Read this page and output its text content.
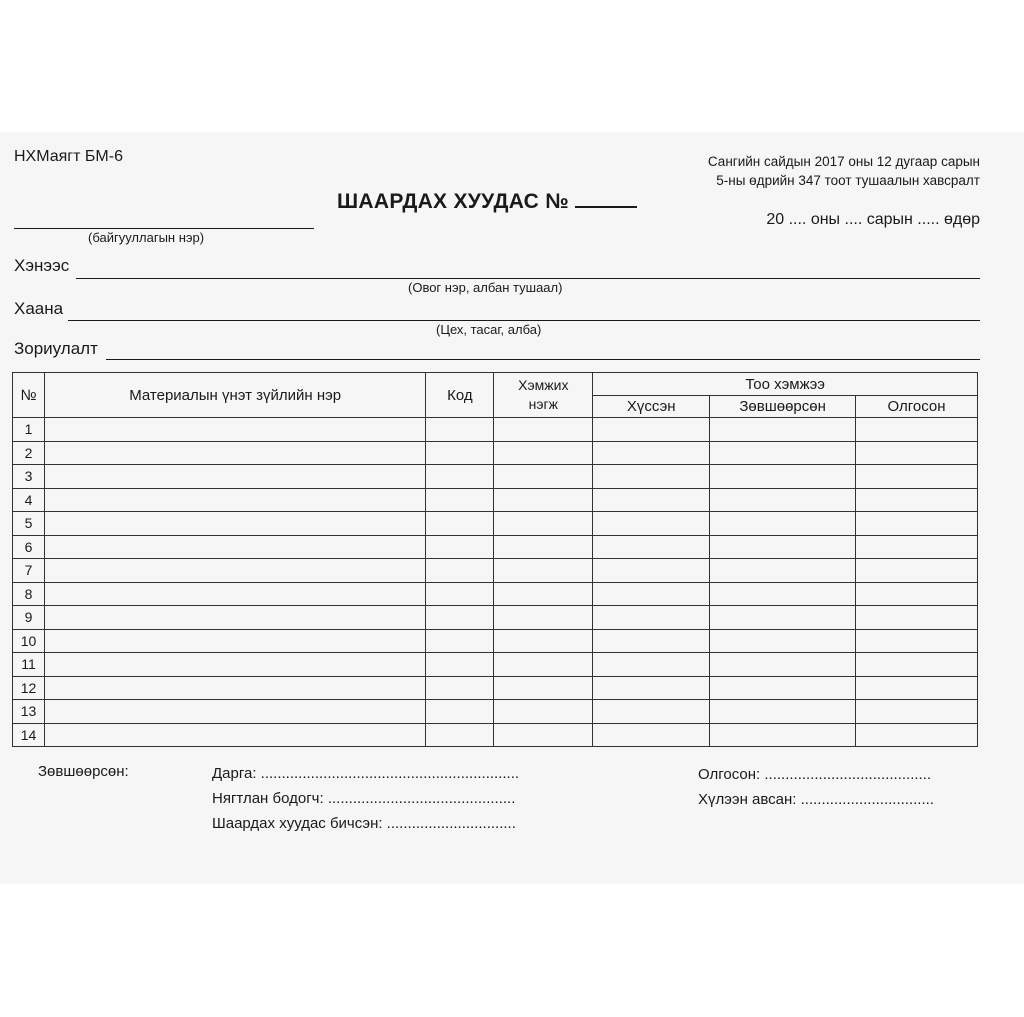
НХМаягт БМ-6	Сангийн сайдын 2017 оны 12 дугаар сарын
5-ны өдрийн 347 тоот тушаалын хавсралт
ШААРДАХ ХУУДАС №
20 .... оны .... сарын ..... өдөр
(байгууллагын нэр)
Хэнээс
(Овог нэр, албан тушаал)
Хаана
(Цех, тасаг, алба)
Зориулалт
№	Материалын үнэт зүйлийн нэр	Код	Хэмжих нэгж	Тоо хэмжээ		
				Хүссэн	Зөвшөөрсөн	Олгосон
1						
2						
3						
4						
5						
6						
7						
8						
9						
10						
11						
12						
13						
14						
Зөвшөөрсөн:	Дарга: ..............................................................
Нягтлан бодогч: .............................................
Шаардах хуудас бичсэн: ...............................
Олгосон: ........................................
Хүлээн авсан: ................................
